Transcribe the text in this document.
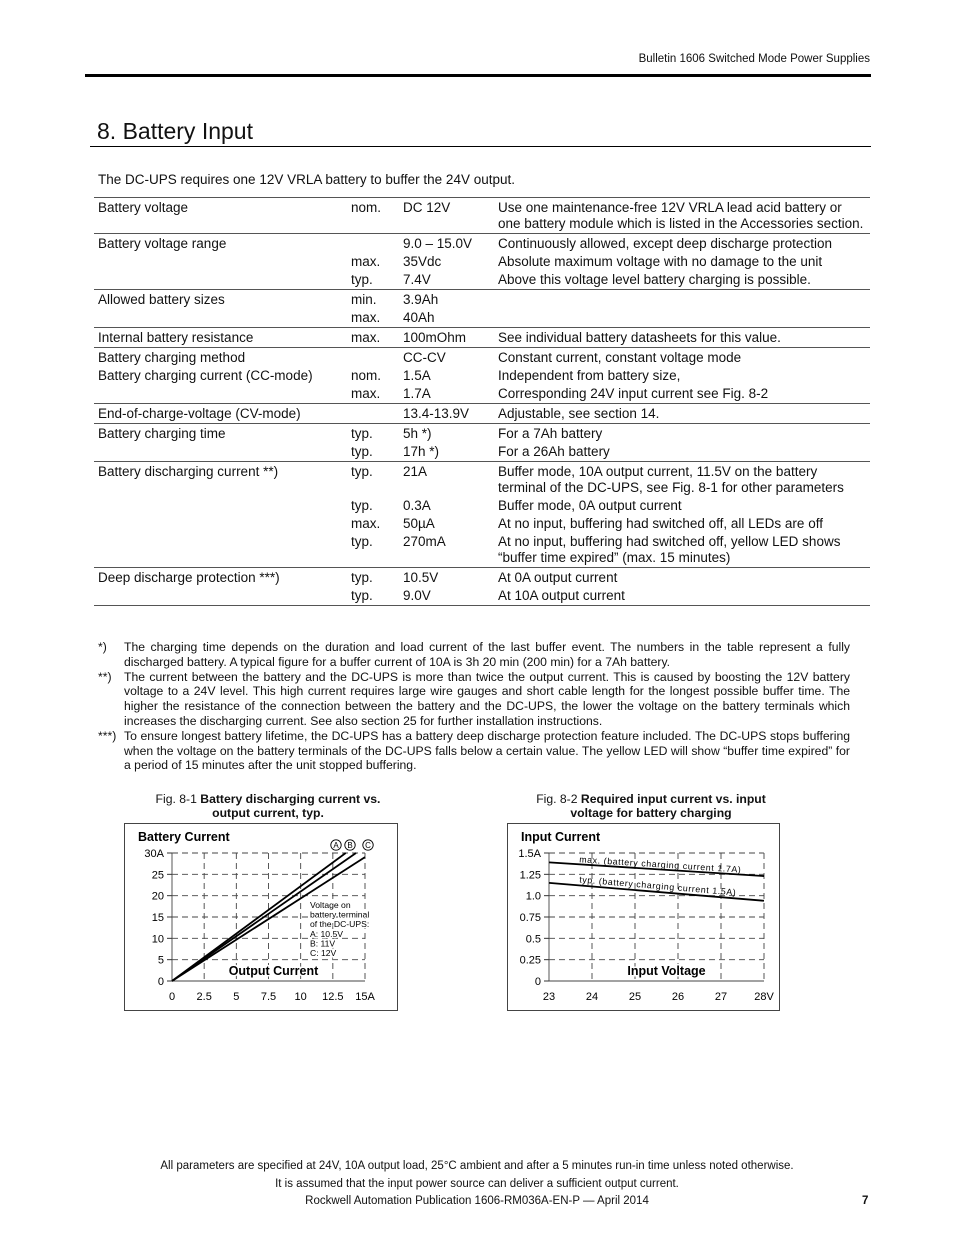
Bulletin 1606 Switched Mode Power Supplies
8. Battery Input
The DC-UPS requires one 12V VRLA battery to buffer the 24V output.
Battery voltage	nom.	DC 12V	Use one maintenance-free 12V VRLA lead acid battery or one battery module which is listed in the Accessories section.
Battery voltage range		9.0 – 15.0V	Continuously allowed, except deep discharge protection
	max.	35Vdc	Absolute maximum voltage with no damage to the unit
	typ.	7.4V	Above this voltage level battery charging is possible.
Allowed battery sizes	min.	3.9Ah	
	max.	40Ah	
Internal battery resistance	max.	100mOhm	See individual battery datasheets for this value.
Battery charging method		CC-CV	Constant current, constant voltage mode
Battery charging current (CC-mode)	nom.	1.5A	Independent from battery size,
	max.	1.7A	Corresponding 24V input current see Fig. 8-2
End-of-charge-voltage (CV-mode)		13.4-13.9V	Adjustable, see section 14.
Battery charging time	typ.	5h *)	For a 7Ah battery
	typ.	17h *)	For a 26Ah battery
Battery discharging current **)	typ.	21A	Buffer mode, 10A output current, 11.5V on the battery terminal of the DC-UPS, see Fig. 8-1 for other parameters
	typ.	0.3A	Buffer mode, 0A output current
	max.	50µA	At no input, buffering had switched off, all LEDs are off
	typ.	270mA	At no input, buffering had switched off, yellow LED shows “buffer time expired” (max. 15 minutes)
Deep discharge protection ***)	typ.	10.5V	At 0A output current
	typ.	9.0V	At 10A output current
*)	The charging time depends on the duration and load current of the last buffer event. The numbers in the table represent a fully discharged battery. A typical figure for a buffer current of 10A is 3h 20 min (200 min) for a 7Ah battery.
**)	The current between the battery and the DC-UPS is more than twice the output current. This is caused by boosting the 12V battery voltage to a 24V level. This high current requires large wire gauges and short cable length for the longest possible buffer time. The higher the resistance of the connection between the battery and the DC-UPS, the lower the voltage on the battery terminals which increases the discharging current. See also section 25 for further installation instructions.
***) To ensure longest battery lifetime, the DC-UPS has a battery deep discharge protection feature included. The DC-UPS stops buffering when the voltage on the battery terminals of the DC-UPS falls below a certain value. The yellow LED will show “buffer time expired” for a period of 15 minutes after the unit stopped buffering.
Fig. 8-1 Battery discharging current vs. output current, typ.
Fig. 8-2 Required input current vs. input voltage for battery charging
0 2.5 5 7.5 10 12.5 15A
0
5
10
15
20
25
30A
Battery Current
Output Current
A B C
Voltage on
battery terminal
of the DC-UPS:
A: 10.5V
B: 11V
C: 12V
23	24	25	26	27 28V
0
0.25
0.5
0.75
1.0
1.25
1.5A
Input Current
Input Voltage
max. (battery charging current 1.7A)
typ. (battery charging current 1.5A)
All parameters are specified at 24V, 10A output load, 25°C ambient and after a 5 minutes run-in time unless noted otherwise.
It is assumed that the input power source can deliver a sufficient output current.
Rockwell Automation Publication 1606-RM036A-EN-P — April 2014	7
